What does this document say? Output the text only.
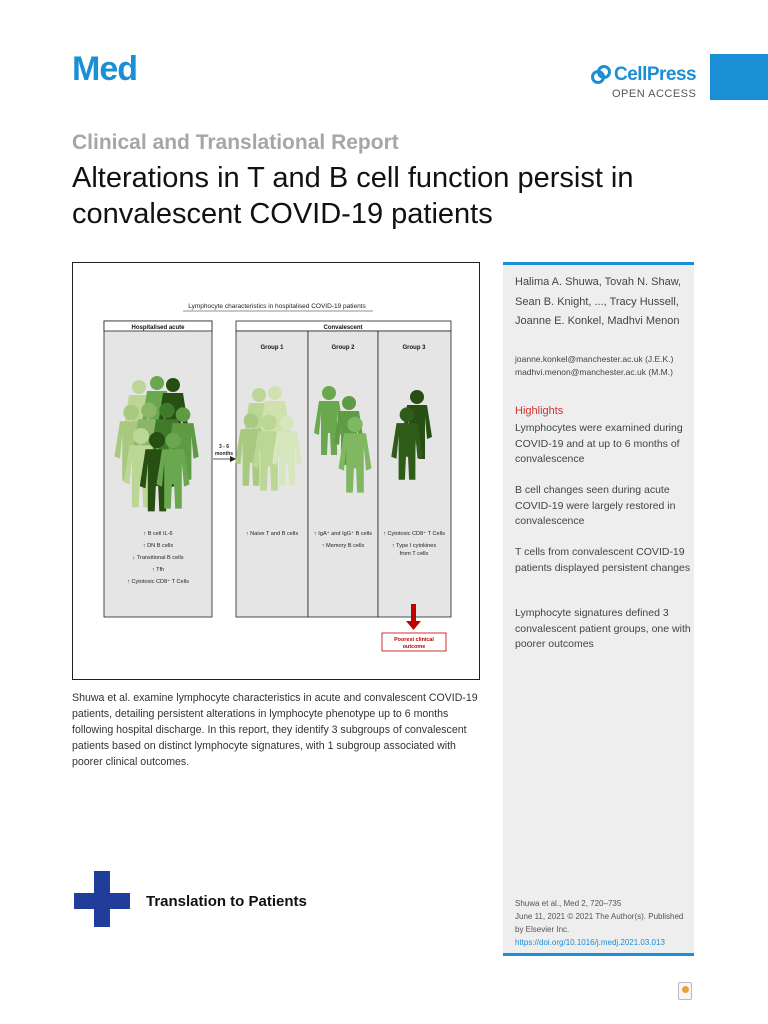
Med	CellPress
OPEN ACCESS
Clinical and Translational Report
Alterations in T and B cell function persist in convalescent COVID-19 patients
Lymphocyte characteristics in hospitalised COVID-19 patients
Hospitalised acute	Convalescent
Group 1	Group 2	Group 3
3 - 6
months
↑ B cell IL-6
↑ DN B cells
↓ Transitional B cells
↑ Tfh
↑ Cytotoxic CD8⁺ T Cells
↑ Naive T and B cells	↑ IgA⁺ and IgG⁺ B cells
↑ Memory B cells
↑ Cytotoxic CD8⁺ T Cells
↑ Type I cytokines
from T cells
Poorest clinical
outcome

Shuwa et al. examine lymphocyte characteristics in acute and convalescent COVID-19 patients, detailing persistent alterations in lymphocyte phenotype up to 6 months following hospital discharge. In this report, they identify 3 subgroups of convalescent patients based on distinct lymphocyte signatures, with 1 subgroup associated with poorer clinical outcomes.

Halima A. Shuwa, Tovah N. Shaw, Sean B. Knight, ..., Tracy Hussell, Joanne E. Konkel, Madhvi Menon
joanne.konkel@manchester.ac.uk (J.E.K.) madhvi.menon@manchester.ac.uk (M.M.)
Highlights
Lymphocytes were examined during COVID-19 and at up to 6 months of convalescence
B cell changes seen during acute COVID-19 were largely restored in convalescence
T cells from convalescent COVID-19 patients displayed persistent changes
Lymphocyte signatures defined 3 convalescent patient groups, one with poorer outcomes
Shuwa et al., Med 2, 720–735
June 11, 2021 © 2021 The Author(s). Published by Elsevier Inc.
https://doi.org/10.1016/j.medj.2021.03.013
Translation to Patients
